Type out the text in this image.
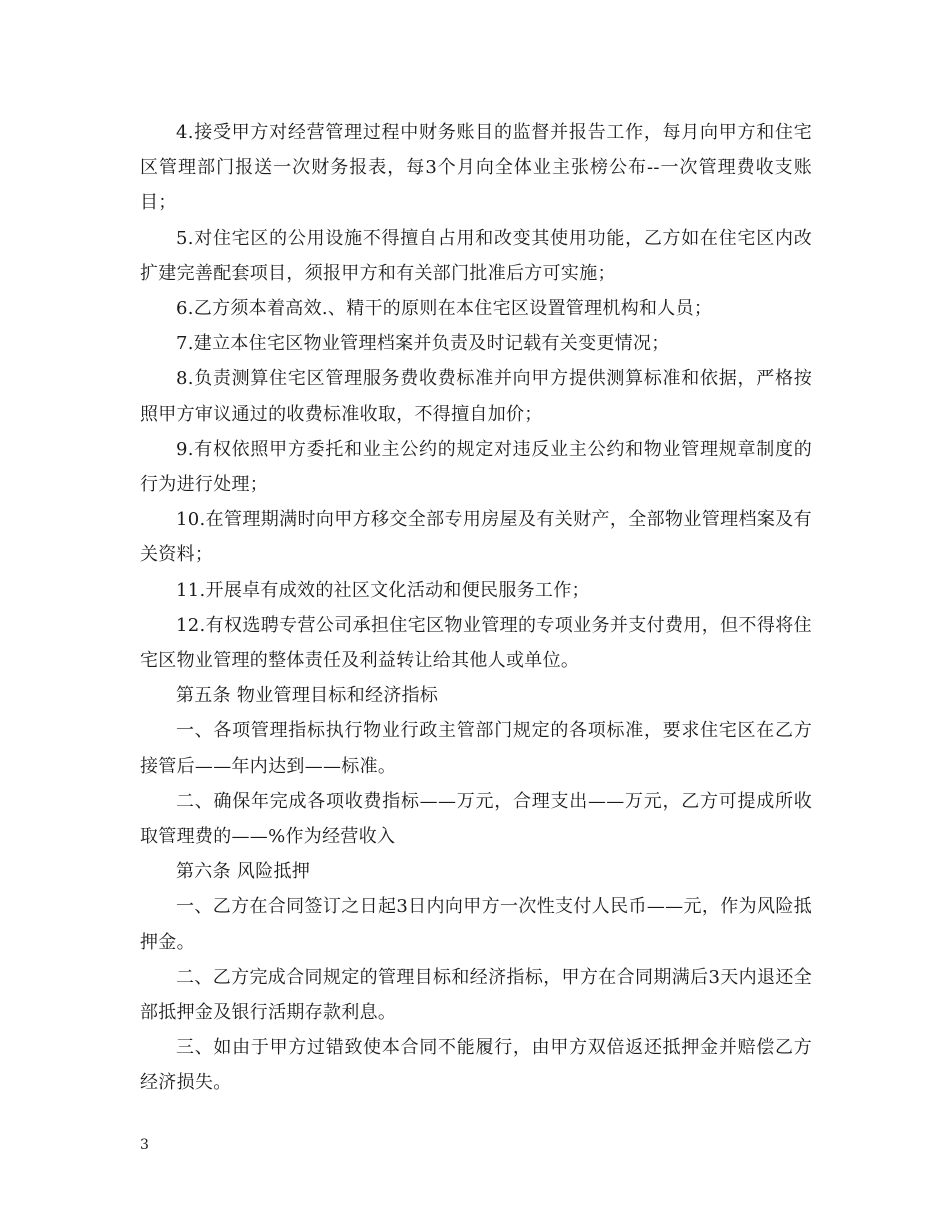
4.接受甲方对经营管理过程中财务账目的监督并报告工作，每月向甲方和住宅区管理部门报送一次财务报表，每3个月向全体业主张榜公布--一次管理费收支账目；

5.对住宅区的公用设施不得擅自占用和改变其使用功能，乙方如在住宅区内改扩建完善配套项目，须报甲方和有关部门批准后方可实施；

6.乙方须本着高效.、精干的原则在本住宅区设置管理机构和人员；

7.建立本住宅区物业管理档案并负责及时记载有关变更情况；

8.负责测算住宅区管理服务费收费标准并向甲方提供测算标准和依据，严格按照甲方审议通过的收费标准收取，不得擅自加价；

9.有权依照甲方委托和业主公约的规定对违反业主公约和物业管理规章制度的行为进行处理；

10.在管理期满时向甲方移交全部专用房屋及有关财产，全部物业管理档案及有关资料；

11.开展卓有成效的社区文化活动和便民服务工作；

12.有权选聘专营公司承担住宅区物业管理的专项业务并支付费用，但不得将住宅区物业管理的整体责任及利益转让给其他人或单位。

第五条 物业管理目标和经济指标

一、各项管理指标执行物业行政主管部门规定的各项标准，要求住宅区在乙方接管后——年内达到——标准。

二、确保年完成各项收费指标——万元，合理支出——万元，乙方可提成所收取管理费的——%作为经营收入

第六条 风险抵押

一、乙方在合同签订之日起3日内向甲方一次性支付人民币——元，作为风险抵押金。

二、乙方完成合同规定的管理目标和经济指标，甲方在合同期满后3天内退还全部抵押金及银行活期存款利息。

三、如由于甲方过错致使本合同不能履行，由甲方双倍返还抵押金并赔偿乙方经济损失。

3
